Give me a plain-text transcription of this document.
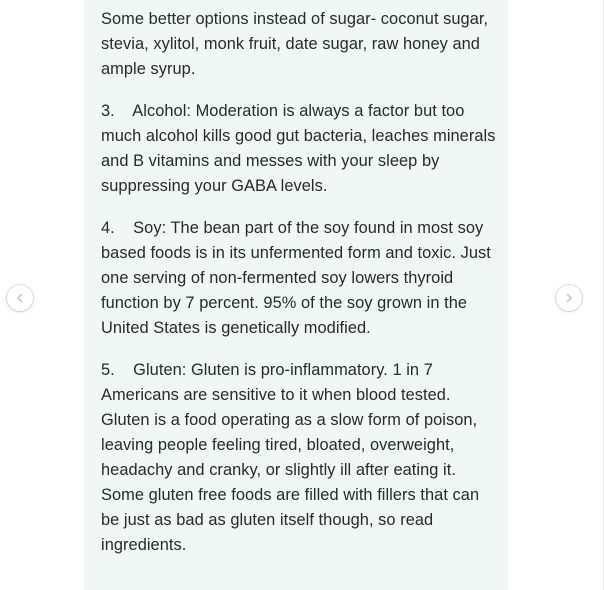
Some better options instead of sugar- coconut sugar, stevia, xylitol, monk fruit, date sugar, raw honey and ample syrup.

3.    Alcohol: Moderation is always a factor but too much alcohol kills good gut bacteria, leaches minerals and B vitamins and messes with your sleep by suppressing your GABA levels.

4.    Soy: The bean part of the soy found in most soy based foods is in its unfermented form and toxic. Just one serving of non-fermented soy lowers thyroid function by 7 percent. 95% of the soy grown in the United States is genetically modified.

5.    Gluten: Gluten is pro-inflammatory. 1 in 7 Americans are sensitive to it when blood tested. Gluten is a food operating as a slow form of poison, leaving people feeling tired, bloated, overweight, headachy and cranky, or slightly ill after eating it. Some gluten free foods are filled with fillers that can be just as bad as gluten itself though, so read ingredients.
